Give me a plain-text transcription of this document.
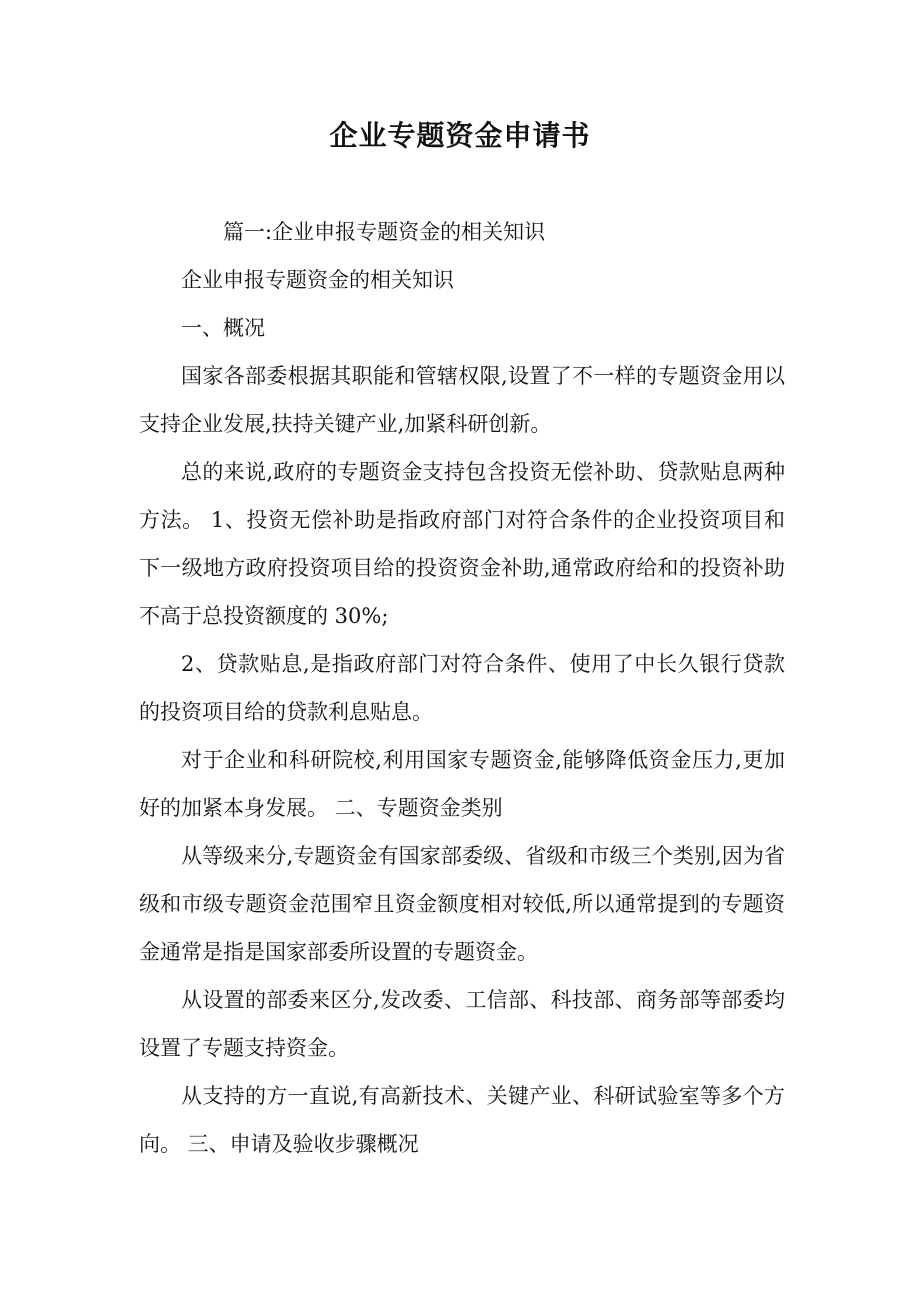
企业专题资金申请书

篇一:企业申报专题资金的相关知识

企业申报专题资金的相关知识

一、概况

国家各部委根据其职能和管辖权限,设置了不一样的专题资金用以支持企业发展,扶持关键产业,加紧科研创新。

总的来说,政府的专题资金支持包含投资无偿补助、贷款贴息两种方法。 1、投资无偿补助是指政府部门对符合条件的企业投资项目和下一级地方政府投资项目给的投资资金补助,通常政府给和的投资补助不高于总投资额度的 30%;

2、贷款贴息,是指政府部门对符合条件、使用了中长久银行贷款的投资项目给的贷款利息贴息。

对于企业和科研院校,利用国家专题资金,能够降低资金压力,更加好的加紧本身发展。 二、专题资金类别

从等级来分,专题资金有国家部委级、省级和市级三个类别,因为省级和市级专题资金范围窄且资金额度相对较低,所以通常提到的专题资金通常是指是国家部委所设置的专题资金。

从设置的部委来区分,发改委、工信部、科技部、商务部等部委均设置了专题支持资金。

从支持的方一直说,有高新技术、关键产业、科研试验室等多个方向。 三、申请及验收步骤概况
